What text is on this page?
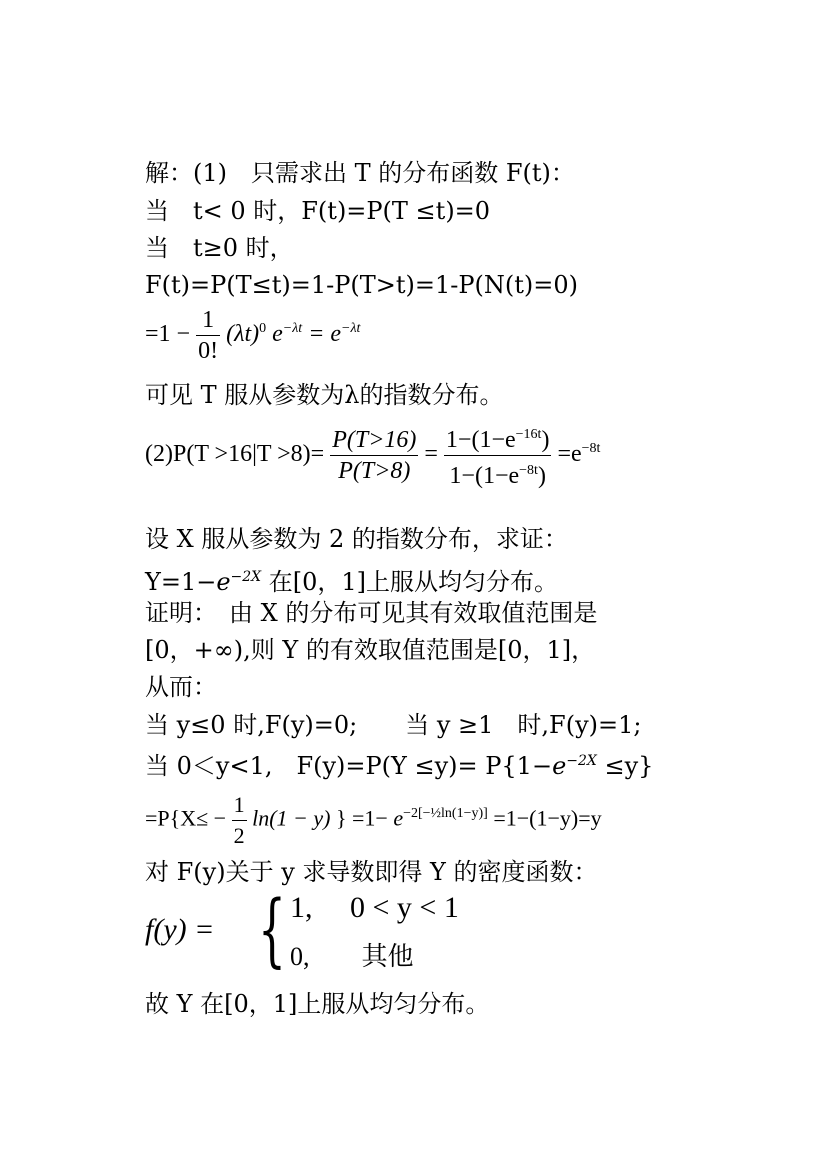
解：(1)　只需求出 T 的分布函数 F(t)：
当　t< 0 时，F(t)=P(T ≤t)=0
当　t≥0 时，
F(t)=P(T≤t)=1-P(T>t)=1-P(N(t)=0)
$=1 - \frac{1}{0!} (\lambda t)^0$ $e^{-\lambda t} = e^{-\lambda t}$
可见 T 服从参数为λ的指数分布。
$(2)P(T >16|T >8)= \frac{P(T>16)}{P(T>8)} = \frac{1-(1-e^{-16t})}{1-(1-e^{-8t})} =e^{-8t}$
设 X 服从参数为 2 的指数分布，求证：
$Y=1-e^{-2X}$ 在[0，1]上服从均匀分布。
证明：　由 X 的分布可见其有效取值范围是
[0，+∞),则 Y 的有效取值范围是[0，1]，
从而：
当 y≤0 时,F(y)=0;　　当 y ≥1　时,F(y)=1;
当 0＜y<1,　$F(y)=P(Y \le y)= P\{1-e^{-2X} \le y\}$
$=P\{X\le - \frac{1}{2} \ln(1 - y)$ } $=1- e^{-2[-\frac{1}{2}ln(1-y)]} =1-(1-y)=y$
对 F(y)关于 y 求导数即得 Y 的密度函数：
f(y) = { 1,　 0 < y < 1
0,　　其他
故 Y 在[0，1]上服从均匀分布。
